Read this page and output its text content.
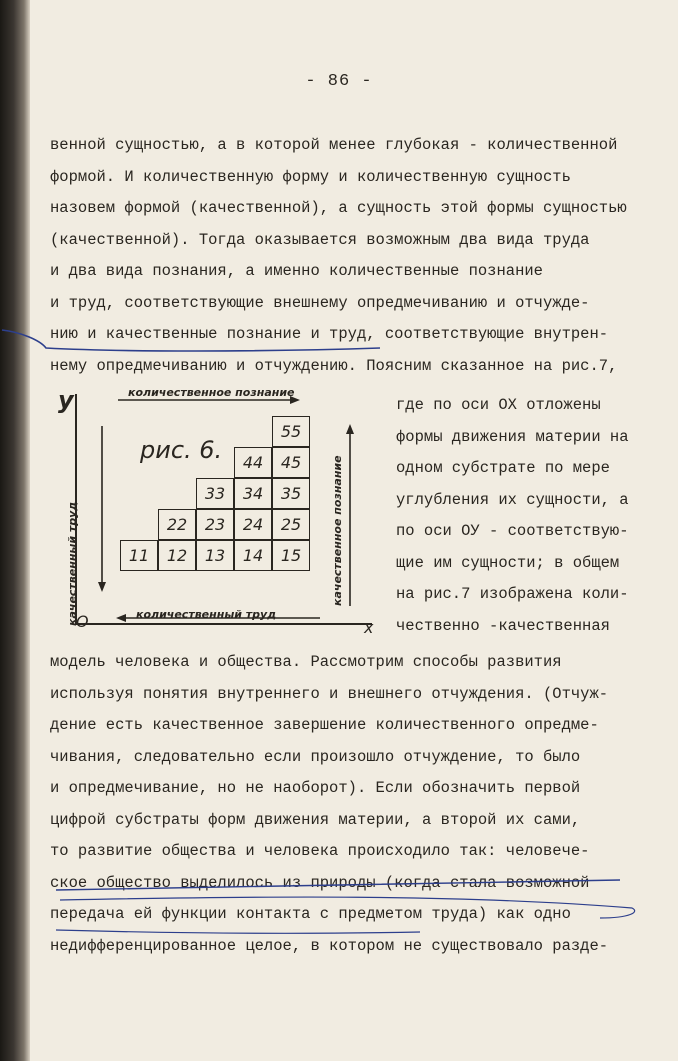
- 86 -
венной сущностью, а в которой менее глубокая - количественной
формой. И количественную форму и количественную сущность
назовем формой (качественной), а сущность этой формы сущностью
(качественной). Тогда оказывается возможным два вида труда
и два вида познания, а именно количественные познание
и труд, соответствующие внешнему опредмечиванию и отчужде-
нию и качественные познание и труд, соответствующие внутрен-
нему опредмечиванию и отчуждению. Поясним сказанное на рис.7,
где по оси ОХ отложены
формы движения материи на
одном субстрате по мере
углубления их сущности, а
по оси ОУ - соответствую-
щие им сущности; в общем
на рис.7 изображена коли-
чественно -качественная
модель человека и общества. Рассмотрим способы развития
используя понятия внутреннего и внешнего отчуждения. (Отчуж-
дение есть качественное завершение количественного опредме-
чивания, следовательно если произошло отчуждение, то было
и опредмечивание, но не наоборот). Если обозначить первой
цифрой субстраты форм движения материи, а второй их сами,
то развитие общества и человека происходило так: человече-
ское общество выделилось из природы (когда стала возможной
передача ей функции контакта с предметом труда) как одно
недифференцированное целое, в котором не существовало разде-
y
O	x
количественное познание
количественный труд
качественный труд	качественное познание
рис. 6.
55
44	45
33	34	35
22	23	24	25
11	12	13	14	15
